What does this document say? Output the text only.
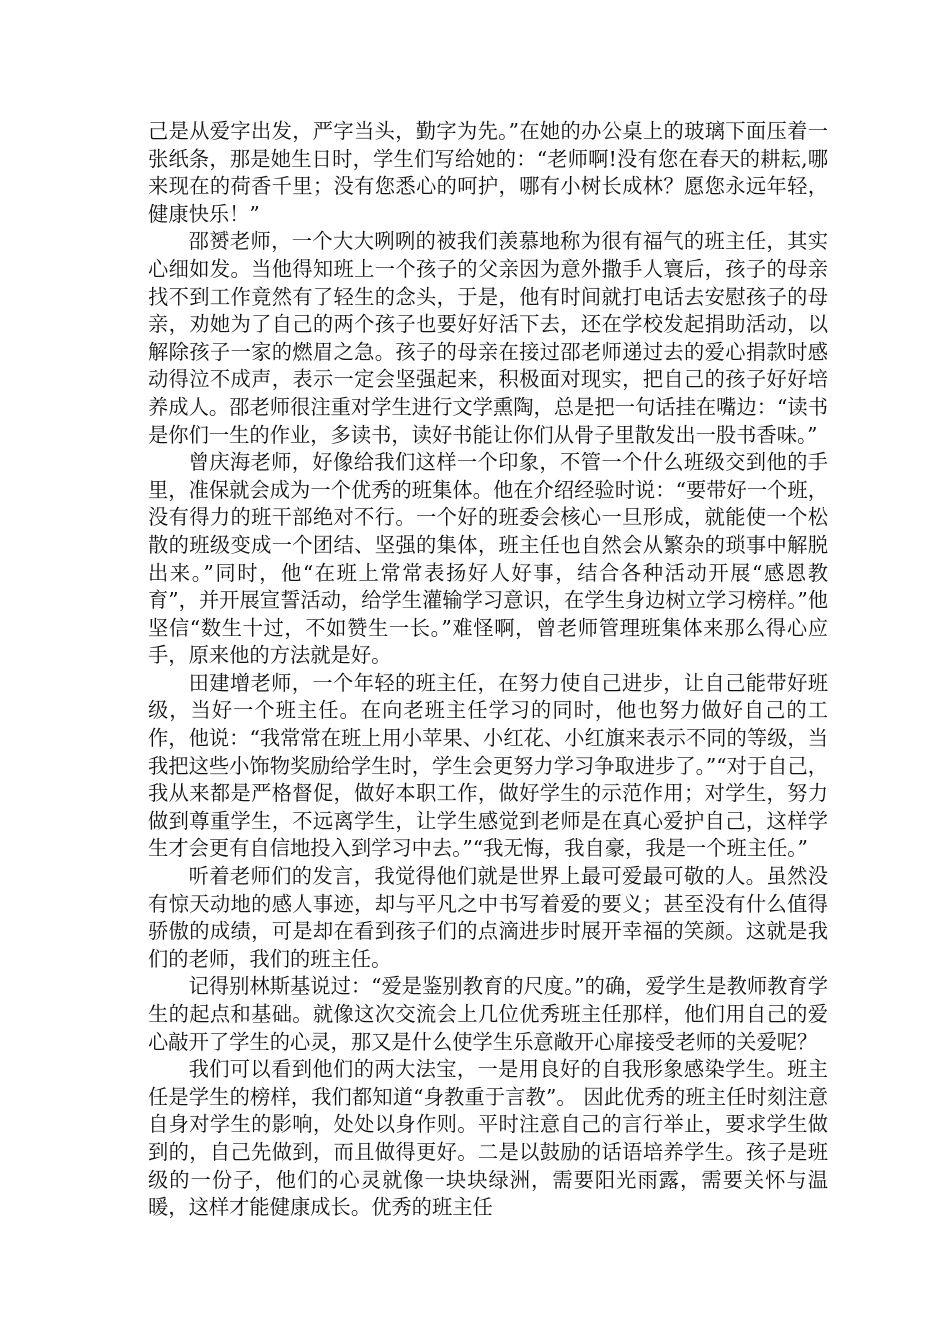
己是从爱字出发，严字当头，勤字为先。”在她的办公桌上的玻璃下面压着一张纸条，那是她生日时，学生们写给她的：“老师啊!没有您在春天的耕耘,哪来现在的荷香千里；没有您悉心的呵护，哪有小树长成林？愿您永远年轻，健康快乐！”

邵赟老师，一个大大咧咧的被我们羡慕地称为很有福气的班主任，其实心细如发。当他得知班上一个孩子的父亲因为意外撒手人寰后，孩子的母亲找不到工作竟然有了轻生的念头，于是，他有时间就打电话去安慰孩子的母亲，劝她为了自己的两个孩子也要好好活下去，还在学校发起捐助活动，以解除孩子一家的燃眉之急。孩子的母亲在接过邵老师递过去的爱心捐款时感动得泣不成声，表示一定会坚强起来，积极面对现实，把自己的孩子好好培养成人。邵老师很注重对学生进行文学熏陶，总是把一句话挂在嘴边：“读书是你们一生的作业，多读书，读好书能让你们从骨子里散发出一股书香味。”

曾庆海老师，好像给我们这样一个印象，不管一个什么班级交到他的手里，准保就会成为一个优秀的班集体。他在介绍经验时说：“要带好一个班，没有得力的班干部绝对不行。一个好的班委会核心一旦形成，就能使一个松散的班级变成一个团结、坚强的集体，班主任也自然会从繁杂的琐事中解脱出来。”同时，他“在班上常常表扬好人好事，结合各种活动开展“感恩教育”，并开展宣誓活动，给学生灌输学习意识，在学生身边树立学习榜样。”他坚信“数生十过，不如赞生一长。”难怪啊，曾老师管理班集体来那么得心应手，原来他的方法就是好。

田建增老师，一个年轻的班主任，在努力使自己进步，让自己能带好班级，当好一个班主任。在向老班主任学习的同时，他也努力做好自己的工作，他说：“我常常在班上用小苹果、小红花、小红旗来表示不同的等级，当我把这些小饰物奖励给学生时，学生会更努力学习争取进步了。”“对于自己，我从来都是严格督促，做好本职工作，做好学生的示范作用；对学生，努力做到尊重学生，不远离学生，让学生感觉到老师是在真心爱护自己，这样学生才会更有自信地投入到学习中去。”“我无悔，我自豪，我是一个班主任。”

听着老师们的发言，我觉得他们就是世界上最可爱最可敬的人。虽然没有惊天动地的感人事迹，却与平凡之中书写着爱的要义；甚至没有什么值得骄傲的成绩，可是却在看到孩子们的点滴进步时展开幸福的笑颜。这就是我们的老师，我们的班主任。

记得别林斯基说过：“爱是鉴别教育的尺度。”的确，爱学生是教师教育学生的起点和基础。就像这次交流会上几位优秀班主任那样，他们用自己的爱心敲开了学生的心灵，那又是什么使学生乐意敞开心扉接受老师的关爱呢？

我们可以看到他们的两大法宝，一是用良好的自我形象感染学生。班主任是学生的榜样，我们都知道“身教重于言教”。 因此优秀的班主任时刻注意自身对学生的影响，处处以身作则。平时注意自己的言行举止，要求学生做到的，自己先做到，而且做得更好。二是以鼓励的话语培养学生。孩子是班级的一份子，他们的心灵就像一块块绿洲，需要阳光雨露，需要关怀与温暖，这样才能健康成长。优秀的班主任
